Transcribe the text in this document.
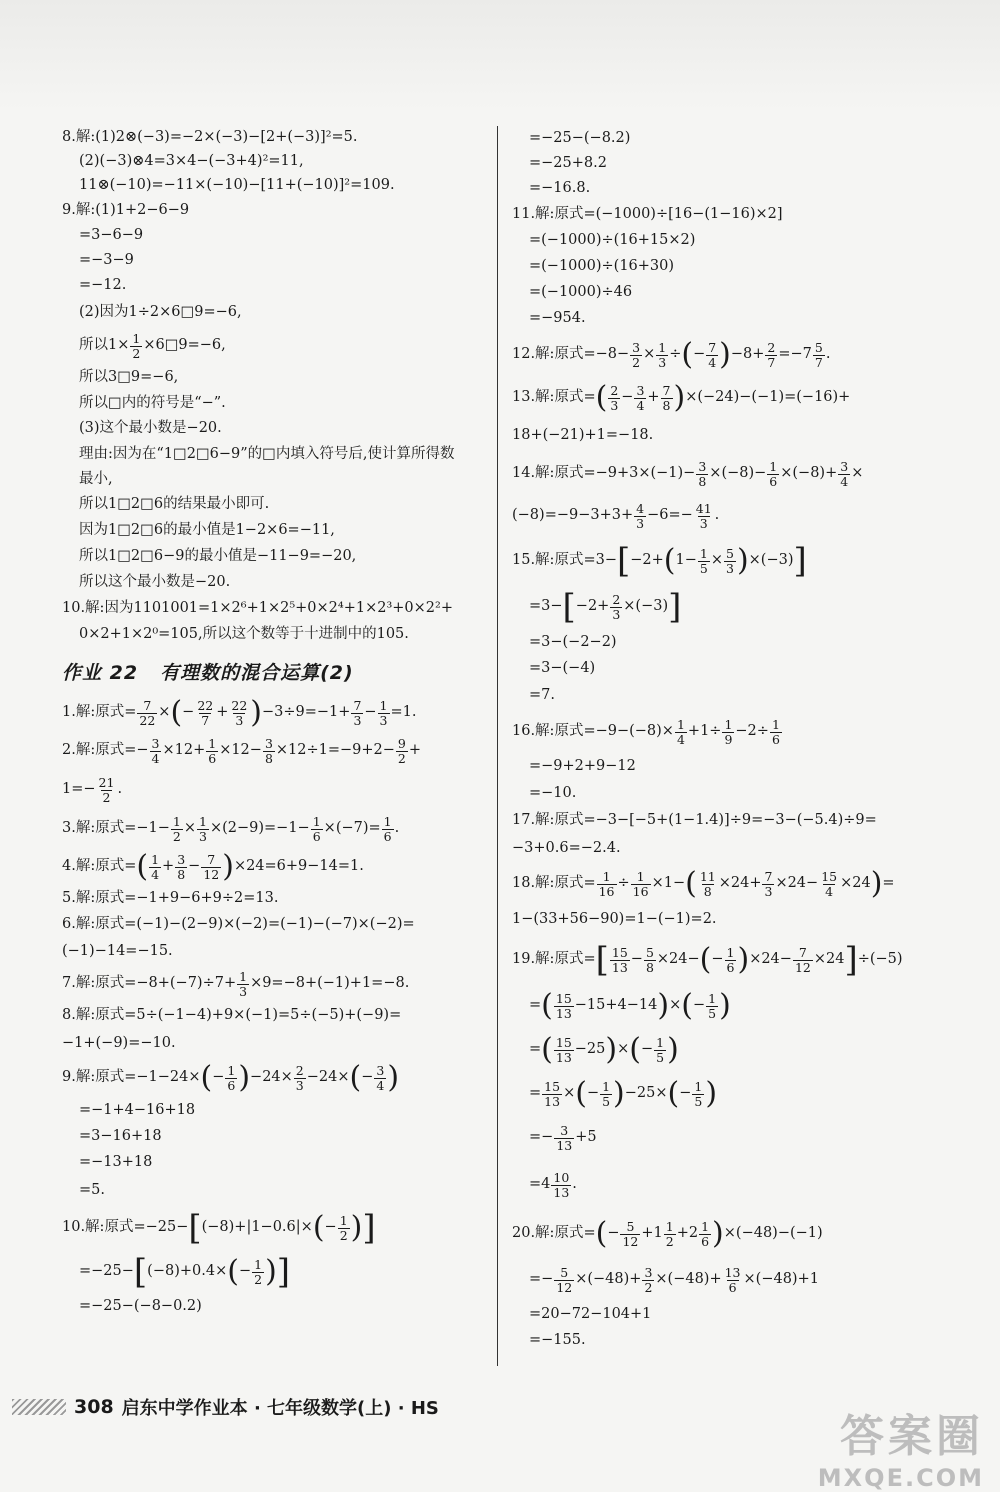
8.解:(1)2⊗(−3)=−2×(−3)−[2+(−3)]²=5.
(2)(−3)⊗4=3×4−(−3+4)²=11,
11⊗(−10)=−11×(−10)−[11+(−10)]²=109.
9.解:(1)1+2−6−9
=3−6−9
=−3−9
=−12.
(2)因为1÷2×6□9=−6,
所以$1\times \frac{1}{2}$ ×6□9=−6,
所以3□9=−6,
所以□内的符号是“−”.
(3)这个最小数是−20.
理由:因为在“1□2□6−9”的□内填入符号后,使计算所得数
最小,
所以1□2□6的结果最小即可.
因为1□2□6的最小值是1−2×6=−11,
所以1□2□6−9的最小值是−11−9=−20,
所以这个最小数是−20.
10.解:因为1101001=1×2⁶+1×2⁵+0×2⁴+1×2³+0×2²+
0×2+1×2⁰=105,所以这个数等于十进制中的105.
作业 22 有理数的混合运算(2)
1.解:原式= $\frac{7}{22}$ × ( − $\frac{22}{7} + \frac{22}{3}$ ) $-3\div 9=-1+ \frac{7}{3} - \frac{1}{3} =1$.
2.解:原式=− $\frac{3}{4} \times 12+ \frac{1}{6} \times 12- \frac{3}{8} \times 12\div 1=-9+2- \frac{9}{2}$ +
$1=- \frac{21}{2}$ .
3.解:原式$=-1- \frac{1}{2} \times \frac{1}{3} \times(2-9)=-1- \frac{1}{6} \times(-7)= \frac{1}{6}$ .
4.解:原式= ( $\frac{1}{4} + \frac{3}{8} - \frac{7}{12}$ ) ×24=6+9−14=1.
5.解:原式=−1+9−6+9÷2=13.
6.解:原式=(−1)−(2−9)×(−2)=(−1)−(−7)×(−2)=
(−1)−14=−15.
7.解:原式$=-8+(-7)\div 7+ \frac{1}{3} \times 9=-8+(-1)+1=-8$.
8.解:原式=5÷(−1−4)+9×(−1)=5÷(−5)+(−9)=
−1+(−9)=−10.
9.解:原式=−1−24× ( − $\frac{1}{6}$ ) $-24\times \frac{2}{3} -24\times$ ( − $\frac{3}{4}$ )
=−1+4−16+18
=3−16+18
=−13+18
=5.
10.解:原式=−25− [ (−8)+|1−0.6|× ( − $\frac{1}{2}$ ) ]
=−25− [ (−8)+0.4× ( − $\frac{1}{2}$ ) ]
=−25−(−8−0.2)
=−25−(−8.2)
=−25+8.2
=−16.8.
11.解:原式=(−1000)÷[16−(1−16)×2]
=(−1000)÷(16+15×2)
=(−1000)÷(16+30)
=(−1000)÷46
=−954.
12.解:原式$=-8- \frac{3}{2} \times \frac{1}{3}$ ÷ ( − $\frac{7}{4}$ ) $-8+ \frac{2}{7} =-7 \frac{5}{7}$ .
13.解:原式= ( $\frac{2}{3} - \frac{3}{4} + \frac{7}{8}$ ) ×(−24)−(−1)=(−16)+
18+(−21)+1=−18.
14.解:原式$=-9+3\times(-1)- \frac{3}{8} \times(-8)- \frac{1}{6} \times(-8)+ \frac{3}{4}$ ×
$(-8)=-9-3+3+ \frac{4}{3} -6=- \frac{41}{3}$ .
15.解:原式=3− [ −2+ ( $1- \frac{1}{5} \times \frac{5}{3}$ ) ×(−3) ]
=3− [ $-2+ \frac{2}{3} \times(-3)$ ]
=3−(−2−2)
=3−(−4)
=7.
16.解:原式$=-9-(-8)\times \frac{1}{4} +1\div \frac{1}{9} -2\div \frac{1}{6}$
=−9+2+9−12
=−10.
17.解:原式=−3−[−5+(1−1.4)]÷9=−3−(−5.4)÷9=
−3+0.6=−2.4.
18.解:原式= $\frac{1}{16} \div \frac{1}{16} \times 1-$ ( $\frac{11}{8} \times 24+ \frac{7}{3} \times 24- \frac{15}{4} \times 24$ ) =
1−(33+56−90)=1−(−1)=2.
19.解:原式= [ $\frac{15}{13} - \frac{5}{8} \times 24-$ ( − $\frac{1}{6}$ ) $\times 24- \frac{7}{12} \times 24$ ] ÷(−5)
= ( $\frac{15}{13} -15+4-14$ ) × ( − $\frac{1}{5}$ )
= ( $\frac{15}{13} -25$ ) × ( − $\frac{1}{5}$ )
= $\frac{15}{13}$ × ( − $\frac{1}{5}$ ) −25× ( − $\frac{1}{5}$ )
=− $\frac{3}{13} +5$
$=4 \frac{10}{13}$ .
20.解:原式= ( − $\frac{5}{12} +1 \frac{1}{2} +2 \frac{1}{6}$ ) ×(−48)−(−1)
=− $\frac{5}{12} \times(-48)+ \frac{3}{2} \times(-48)+ \frac{13}{6} \times(-48)+1$
=20−72−104+1
=−155.
308 启东中学作业本 · 七年级数学(上) · HS
答案圈
MXQE.COM
